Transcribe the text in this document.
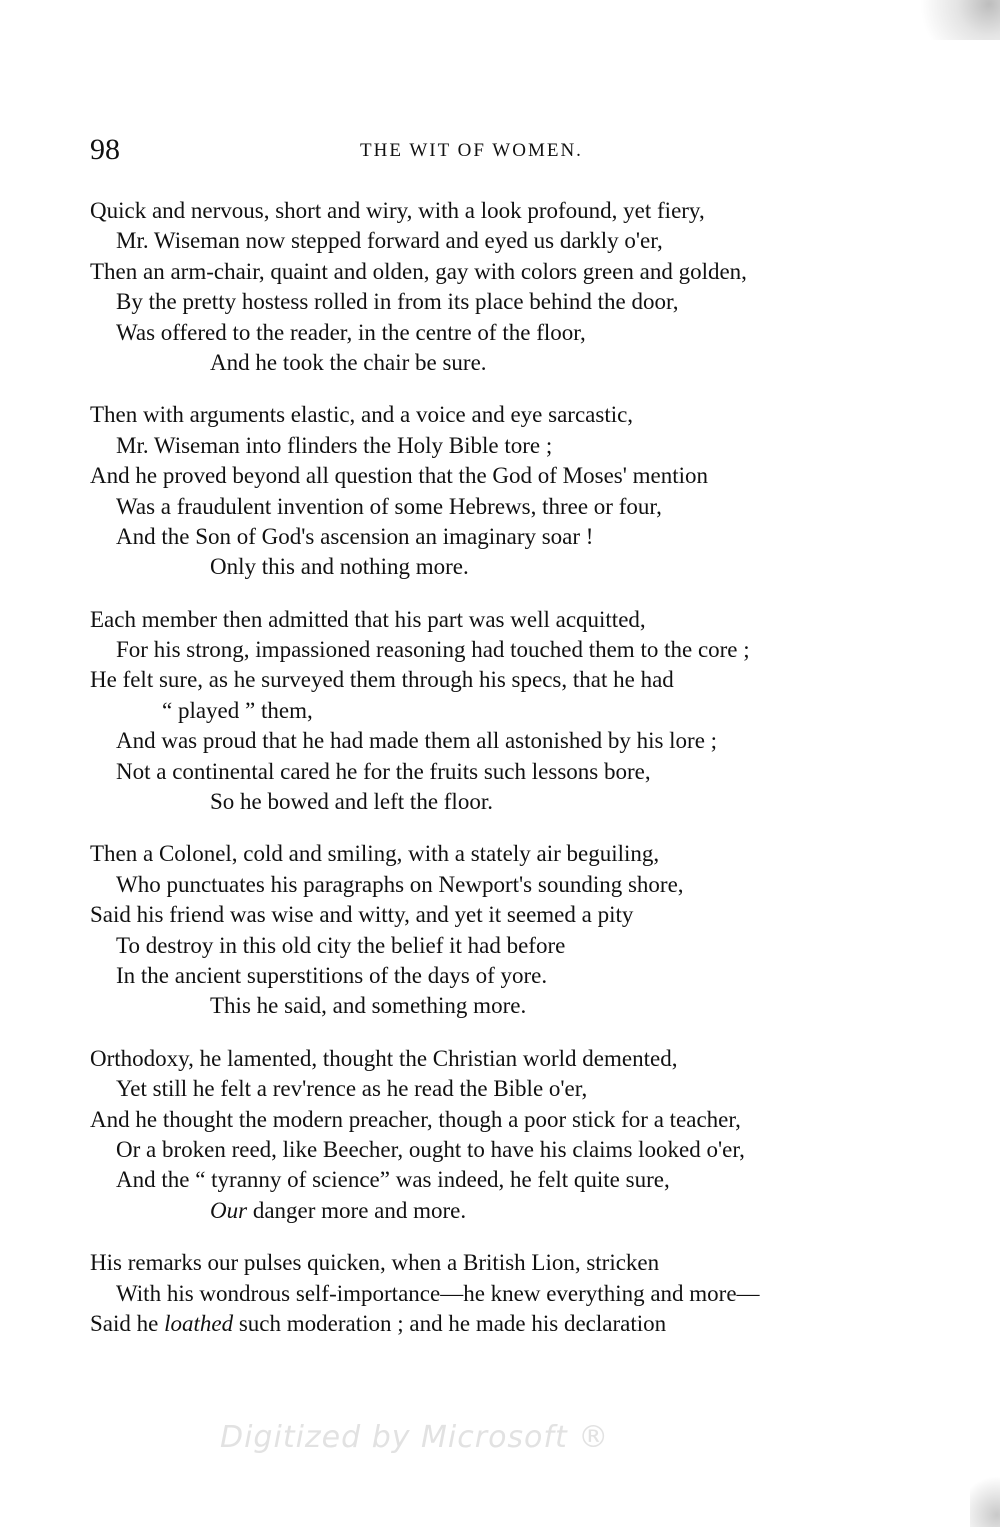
98	THE WIT OF WOMEN.
Quick and nervous, short and wiry, with a look profound, yet fiery,
Mr. Wiseman now stepped forward and eyed us darkly o'er,
Then an arm-chair, quaint and olden, gay with colors green and golden,
By the pretty hostess rolled in from its place behind the door,
Was offered to the reader, in the centre of the floor,
And he took the chair be sure.
Then with arguments elastic, and a voice and eye sarcastic,
Mr. Wiseman into flinders the Holy Bible tore ;
And he proved beyond all question that the God of Moses' mention
Was a fraudulent invention of some Hebrews, three or four,
And the Son of God's ascension an imaginary soar !
Only this and nothing more.
Each member then admitted that his part was well acquitted,
For his strong, impassioned reasoning had touched them to the core ;
He felt sure, as he surveyed them through his specs, that he had
“ played ” them,
And was proud that he had made them all astonished by his lore ;
Not a continental cared he for the fruits such lessons bore,
So he bowed and left the floor.
Then a Colonel, cold and smiling, with a stately air beguiling,
Who punctuates his paragraphs on Newport's sounding shore,
Said his friend was wise and witty, and yet it seemed a pity
To destroy in this old city the belief it had before
In the ancient superstitions of the days of yore.
This he said, and something more.
Orthodoxy, he lamented, thought the Christian world demented,
Yet still he felt a rev'rence as he read the Bible o'er,
And he thought the modern preacher, though a poor stick for a teacher,
Or a broken reed, like Beecher, ought to have his claims looked o'er,
And the “ tyranny of science” was indeed, he felt quite sure,
Our danger more and more.
His remarks our pulses quicken, when a British Lion, stricken
With his wondrous self-importance—he knew everything and more—
Said he loathed such moderation ; and he made his declaration
Digitized by Microsoft ®
